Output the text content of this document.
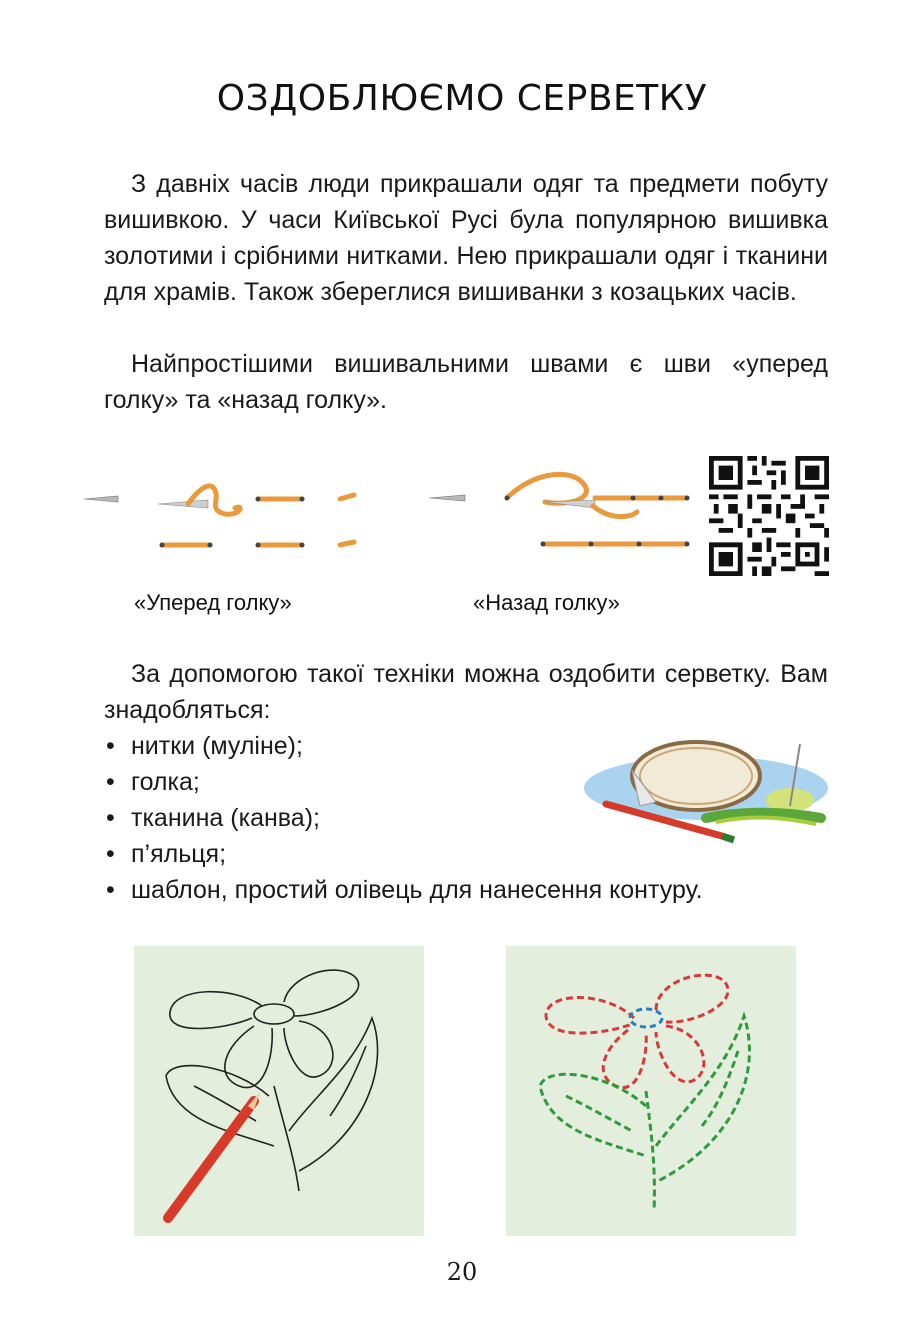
ОЗДОБЛЮЄМО СЕРВЕТКУ

З давніх часів люди прикрашали одяг та предмети побуту вишивкою. У часи Київської Русі була популярною вишивка золотими і срібними нитками. Нею прикрашали одяг і тканини для храмів. Також збереглися вишиванки з козацьких часів.

Найпростішими вишивальними швами є шви «уперед голку» та «назад голку».

«Уперед голку»	«Назад голку»

За допомогою такої техніки можна оздобити серветку. Вам знадобляться:

• нитки (муліне);
• голка;
• тканина (канва);
• п’яльця;
• шаблон, простий олівець для нанесення контуру.
20
